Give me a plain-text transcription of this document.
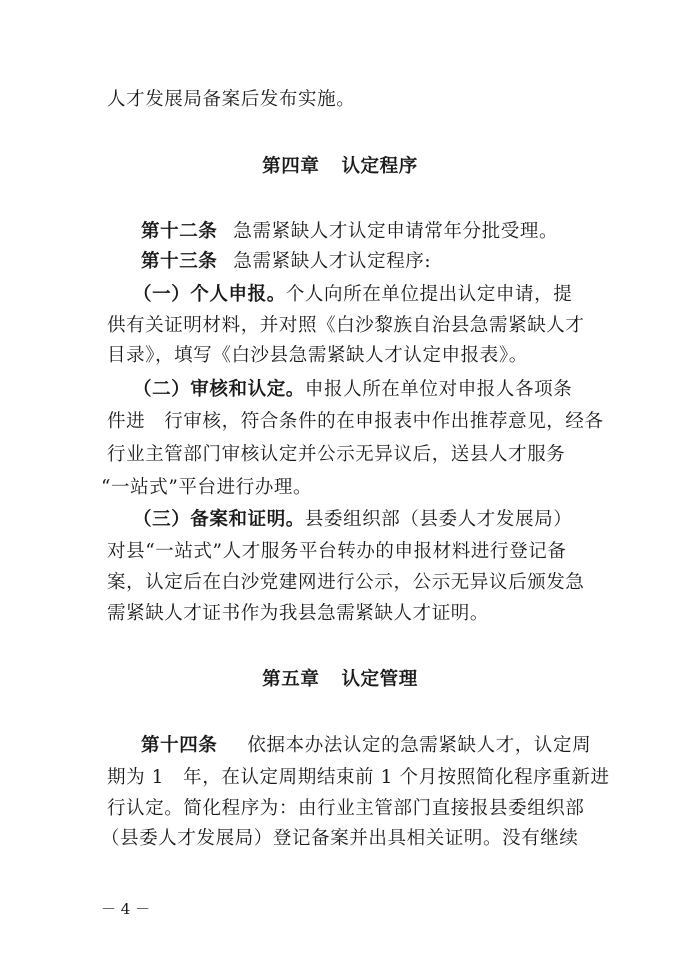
人才发展局备案后发布实施。
第四章 认定程序
第十二条 急需紧缺人才认定申请常年分批受理。
第十三条 急需紧缺人才认定程序:
（一）个人申报。个人向所在单位提出认定申请，提
供有关证明材料，并对照《白沙黎族自治县急需紧缺人才
目录》，填写《白沙县急需紧缺人才认定申报表》。
（二）审核和认定。申报人所在单位对申报人各项条
件进　行审核，符合条件的在申报表中作出推荐意见，经各
行业主管部门审核认定并公示无异议后，送县人才服务
“一站式”平台进行办理。
（三）备案和证明。县委组织部（县委人才发展局）
对县“一站式”人才服务平台转办的申报材料进行登记备
案，认定后在白沙党建网进行公示，公示无异议后颁发急
需紧缺人才证书作为我县急需紧缺人才证明。
第五章 认定管理
第十四条 依据本办法认定的急需紧缺人才，认定周
期为 1　年，在认定周期结束前 1 个月按照简化程序重新进
行认定。简化程序为：由行业主管部门直接报县委组织部
（县委人才发展局）登记备案并出具相关证明。没有继续
－ 4 －
